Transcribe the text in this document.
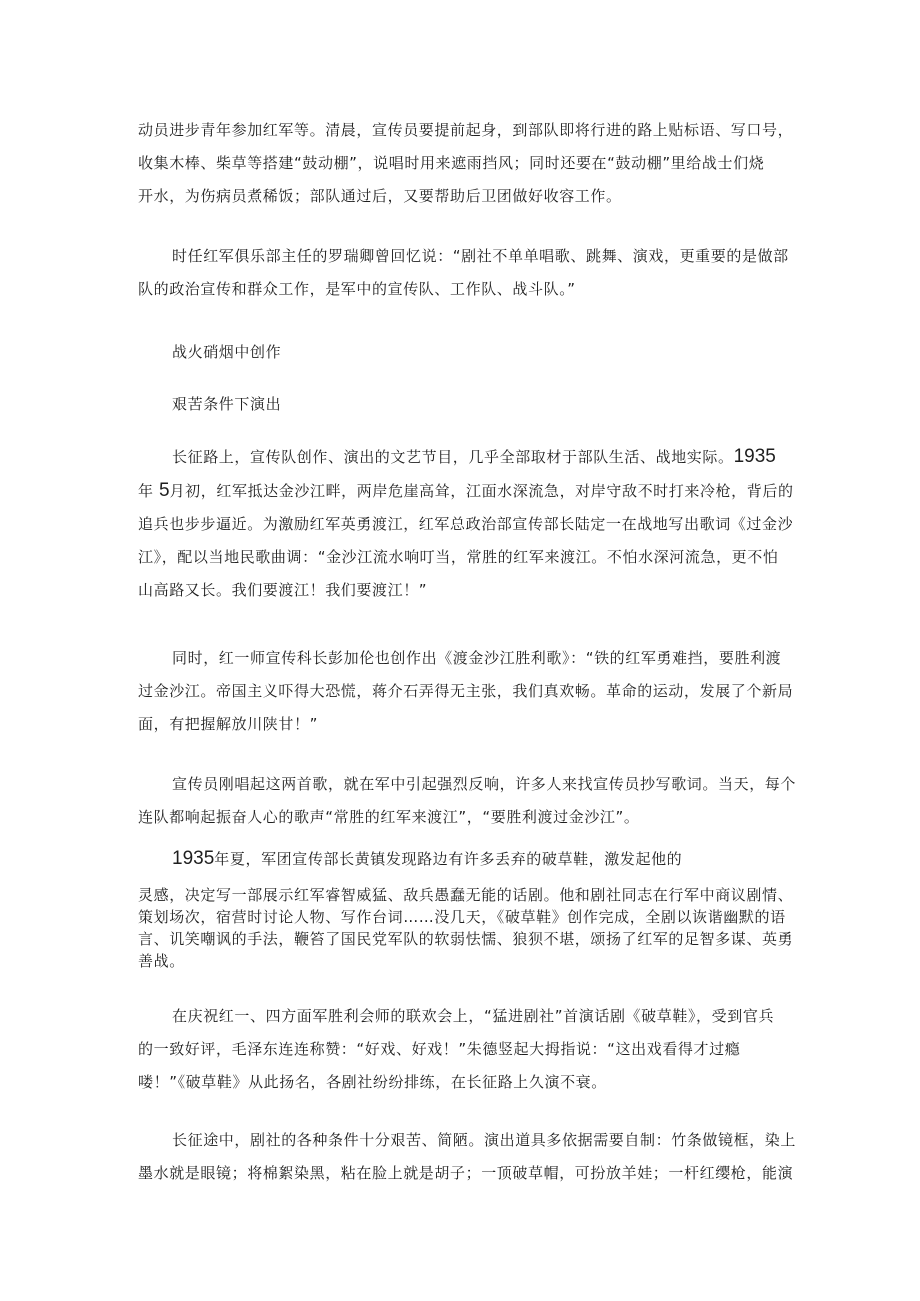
动员进步青年参加红军等。清晨，宣传员要提前起身，到部队即将行进的路上贴标语、写口号，
收集木棒、柴草等搭建“鼓动棚”，说唱时用来遮雨挡风；同时还要在“鼓动棚”里给战士们烧
开水，为伤病员煮稀饭；部队通过后，又要帮助后卫团做好收容工作。
时任红军俱乐部主任的罗瑞卿曾回忆说：“剧社不单单唱歌、跳舞、演戏，更重要的是做部
队的政治宣传和群众工作，是军中的宣传队、工作队、战斗队。”
战火硝烟中创作
艰苦条件下演出
长征路上，宣传队创作、演出的文艺节目，几乎全部取材于部队生活、战地实际。1935
年 5月初，红军抵达金沙江畔，两岸危崖高耸，江面水深流急，对岸守敌不时打来冷枪，背后的
追兵也步步逼近。为激励红军英勇渡江，红军总政治部宣传部长陆定一在战地写出歌词《过金沙
江》，配以当地民歌曲调：“金沙江流水响叮当，常胜的红军来渡江。不怕水深河流急，更不怕
山高路又长。我们要渡江！我们要渡江！”
同时，红一师宣传科长彭加伦也创作出《渡金沙江胜利歌》：“铁的红军勇难挡，要胜利渡
过金沙江。帝国主义吓得大恐慌，蒋介石弄得无主张，我们真欢畅。革命的运动，发展了个新局
面，有把握解放川陕甘！”
宣传员刚唱起这两首歌，就在军中引起强烈反响，许多人来找宣传员抄写歌词。当天，每个
连队都响起振奋人心的歌声“常胜的红军来渡江”，“要胜利渡过金沙江”。
1935年夏，军团宣传部长黄镇发现路边有许多丢弃的破草鞋，激发起他的
灵感，决定写一部展示红军睿智威猛、敌兵愚蠢无能的话剧。他和剧社同志在行军中商议剧情、
策划场次，宿营时讨论人物、写作台词……没几天，《破草鞋》创作完成，全剧以诙谐幽默的语
言、讥笑嘲讽的手法，鞭笞了国民党军队的软弱怯懦、狼狈不堪，颂扬了红军的足智多谋、英勇
善战。
在庆祝红一、四方面军胜利会师的联欢会上，“猛进剧社”首演话剧《破草鞋》，受到官兵
的一致好评，毛泽东连连称赞：“好戏、好戏！”朱德竖起大拇指说：“这出戏看得才过瘾
喽！”《破草鞋》从此扬名，各剧社纷纷排练，在长征路上久演不衰。
长征途中，剧社的各种条件十分艰苦、简陋。演出道具多依据需要自制：竹条做镜框，染上
墨水就是眼镜；将棉絮染黑，粘在脸上就是胡子；一顶破草帽，可扮放羊娃；一杆红缨枪，能演
